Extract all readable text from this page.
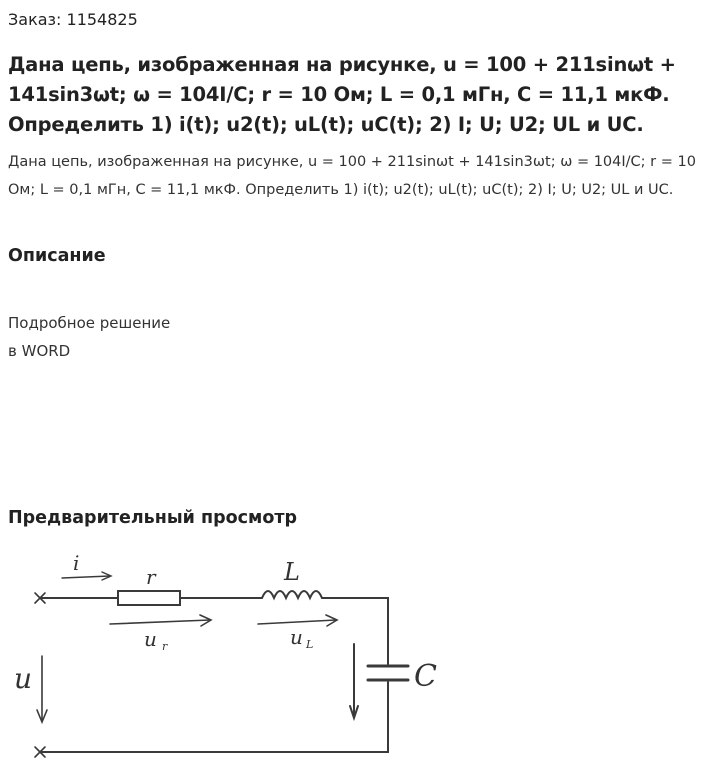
Заказ: 1154825
Дана цепь, изображенная на рисунке, u = 100 + 211sinωt + 141sin3ωt; ω = 104I/C; r = 10 Ом; L = 0,1 мГн, C = 11,1 мкФ. Определить 1) i(t); u2(t); uL(t); uC(t); 2) I; U; U2; UL и UC.

Дана цепь, изображенная на рисунке, u = 100 + 211sinωt + 141sin3ωt; ω = 104I/C; r = 10 Ом; L = 0,1 мГн, C = 11,1 мкФ. Определить 1) i(t); u2(t); uL(t); uC(t); 2) I; U; U2; UL и UC.

Описание
Подробное решение
в WORD
Предварительный просмотр
i
r
u r
L
u L
u	C
